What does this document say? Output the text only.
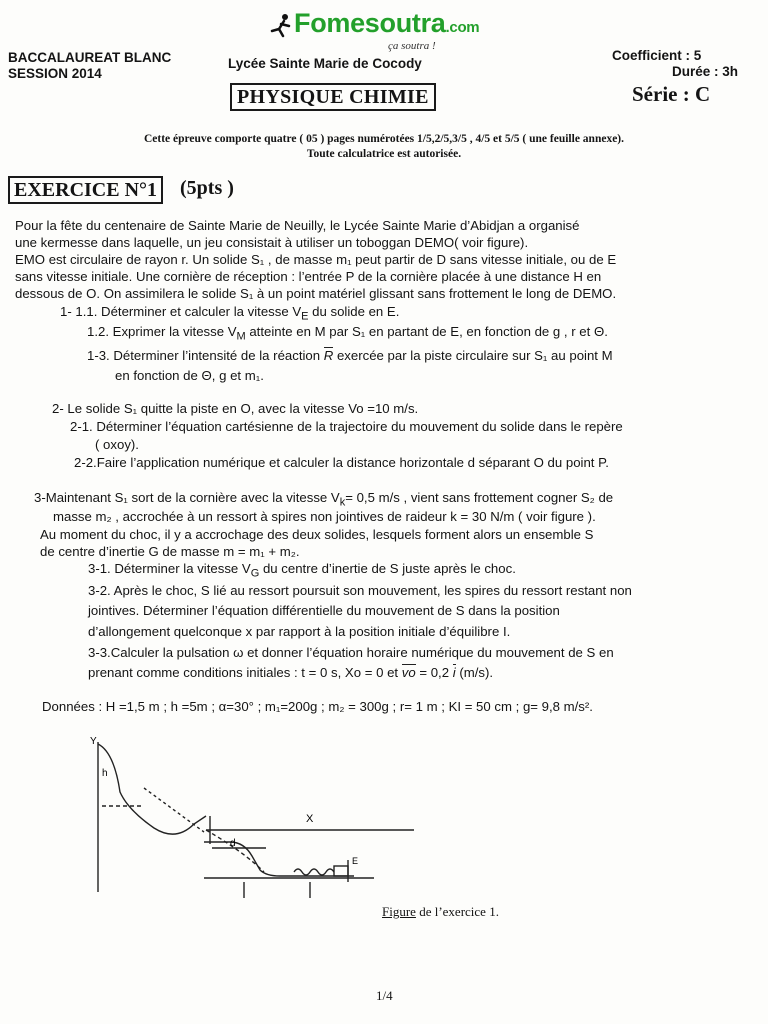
Fomesoutra.com
ça soutra !
BACCALAUREAT BLANC
SESSION 2014
Lycée Sainte Marie de Cocody
Coefficient : 5
Durée : 3h
PHYSIQUE CHIMIE	Série : C
Cette épreuve comporte quatre ( 05 ) pages numérotées 1/5,2/5,3/5 , 4/5 et 5/5 ( une feuille annexe).
Toute calculatrice est autorisée.
EXERCICE N°1	(5pts )
Pour la fête du centenaire de Sainte Marie de Neuilly, le Lycée Sainte Marie d’Abidjan a organisé
une kermesse dans laquelle, un jeu consistait à utiliser un toboggan DEMO( voir figure).
EMO est circulaire de rayon r. Un solide S₁ , de masse m₁ peut partir de D sans vitesse initiale, ou de E
sans vitesse initiale. Une cornière de réception : l’entrée P de la cornière placée à une distance H en
dessous de O. On assimilera le solide S₁ à un point matériel glissant sans frottement le long de DEMO.
1- 1.1. Déterminer et calculer la vitesse $V_E$ du solide en E.
1.2. Exprimer la vitesse $V_M$ atteinte en M par S₁ en partant de E, en fonction de g , r et Θ.
1-3. Déterminer l’intensité de la réaction R exercée par la piste circulaire sur S₁ au point M
en fonction de Θ, g et m₁.
2- Le solide S₁ quitte la piste en O, avec la vitesse Vo =10 m/s.
2-1. Déterminer l’équation cartésienne de la trajectoire du mouvement du solide dans le repère
( oxoy).
2-2.Faire l’application numérique et calculer la distance horizontale d séparant O du point P.
3-Maintenant S₁ sort de la cornière avec la vitesse $V_k= 0,5$ m/s , vient sans frottement cogner S₂ de
masse m₂ , accrochée à un ressort à spires non jointives de raideur k = 30 N/m ( voir figure ).
Au moment du choc, il y a accrochage des deux solides, lesquels forment alors un ensemble S
de centre d’inertie G de masse m = m₁ + m₂.
3-1. Déterminer la vitesse $V_G$ du centre d’inertie de S juste après le choc.
3-2. Après le choc, S lié au ressort poursuit son mouvement, les spires du ressort restant non
jointives. Déterminer l’équation différentielle du mouvement de S dans la position
d’allongement quelconque x par rapport à la position initiale d’équilibre I.
3-3.Calculer la pulsation ω et donner l’équation horaire numérique du mouvement de S en
prenant comme conditions initiales : t = 0 s, Xo = 0 et vo = 0,2 i (m/s).
Données : H =1,5 m ; h =5m ; α=30° ; m₁=200g ; m₂ = 300g ; r= 1 m ; KI = 50 cm ; g= 9,8 m/s².
Y
X
h
d
E
Figure de l’exercice 1.
1/4
